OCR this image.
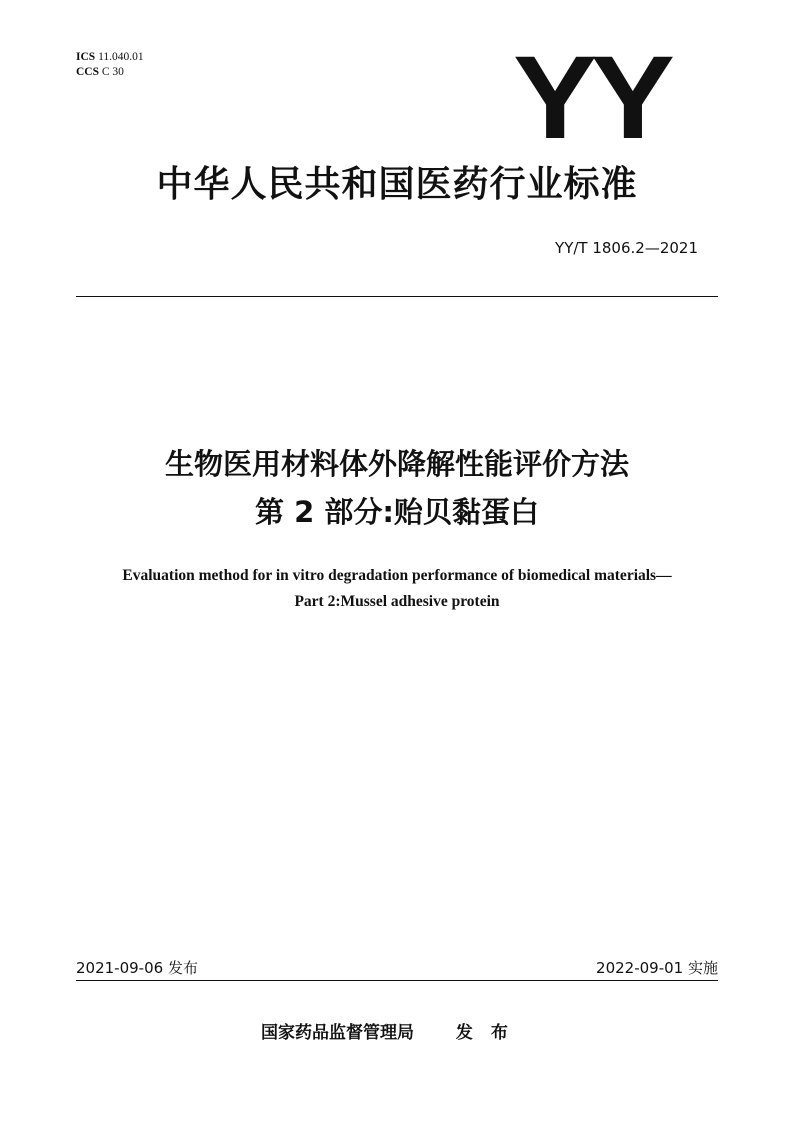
ICS 11.040.01
CCS C 30	YY
中华人民共和国医药行业标准
YY/T 1806.2—2021
生物医用材料体外降解性能评价方法
第 2 部分:贻贝黏蛋白
Evaluation method for in vitro degradation performance of biomedical materials—
Part 2:Mussel adhesive protein
2021-09-06 发布	2022-09-01 实施
国家药品监督管理局 发 布
